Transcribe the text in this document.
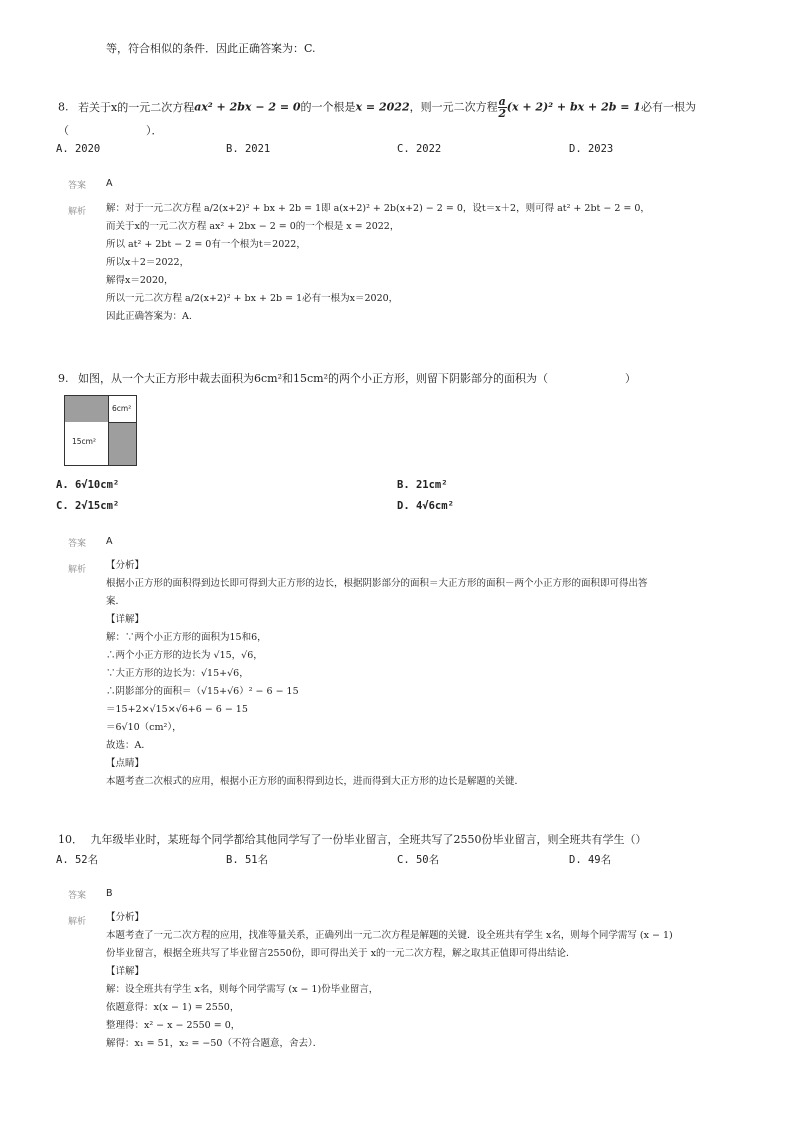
等，符合相似的条件．因此正确答案为：C.
8. 若关于x的一元二次方程ax² + 2bx − 2 = 0的一个根是x = 2022，则一元二次方程 $\frac{a}{2} (x + 2)^2$ + bx + 2b = 1必有一根为
（　　　　　　　）．
A. 2020	B. 2021	C. 2022	D. 2023
答案 A
解析 解：对于一元二次方程 a/2(x+2)² + bx + 2b = 1即 a(x+2)² + 2b(x+2) − 2 = 0，设t＝x＋2，则可得 at² + 2bt − 2 = 0，
而关于x的一元二次方程 ax² + 2bx − 2 = 0的一个根是 x = 2022，
所以 at² + 2bt − 2 = 0有一个根为t＝2022，
所以x＋2＝2022，
解得x＝2020，
所以一元二次方程 a/2(x+2)² + bx + 2b = 1必有一根为x＝2020，
因此正确答案为：A.
9. 如图，从一个大正方形中裁去面积为6cm²和15cm²的两个小正方形，则留下阴影部分的面积为（　　　　　　　）
6cm²
15cm²
A. 6√10cm²	B. 21cm²
C. 2√15cm²	D. 4√6cm²
答案 A
解析 【分析】
根据小正方形的面积得到边长即可得到大正方形的边长，根据阴影部分的面积＝大正方形的面积－两个小正方形的面积即可得出答
案．
【详解】
解：∵两个小正方形的面积为15和6，
∴两个小正方形的边长为 √15，√6，
∵大正方形的边长为：√15+√6，
∴阴影部分的面积＝（√15+√6）² − 6 − 15
＝15+2×√15×√6+6 − 6 − 15
＝6√10（cm²），
故选：A．
【点睛】
本题考查二次根式的应用，根据小正方形的面积得到边长，进而得到大正方形的边长是解题的关键．
10． 九年级毕业时，某班每个同学都给其他同学写了一份毕业留言，全班共写了2550份毕业留言，则全班共有学生（）
A. 52名	B. 51名	C. 50名	D. 49名
答案 B
解析 【分析】
本题考查了一元二次方程的应用，找准等量关系，正确列出一元二次方程是解题的关键．设全班共有学生 x名，则每个同学需写 (x − 1)
份毕业留言，根据全班共写了毕业留言2550份，即可得出关于 x的一元二次方程，解之取其正值即可得出结论．
【详解】
解：设全班共有学生 x名，则每个同学需写 (x − 1)份毕业留言，
依题意得：x(x − 1) = 2550，
整理得：x² − x − 2550 = 0，
解得：x₁ = 51，x₂ = −50（不符合题意，舍去）．
